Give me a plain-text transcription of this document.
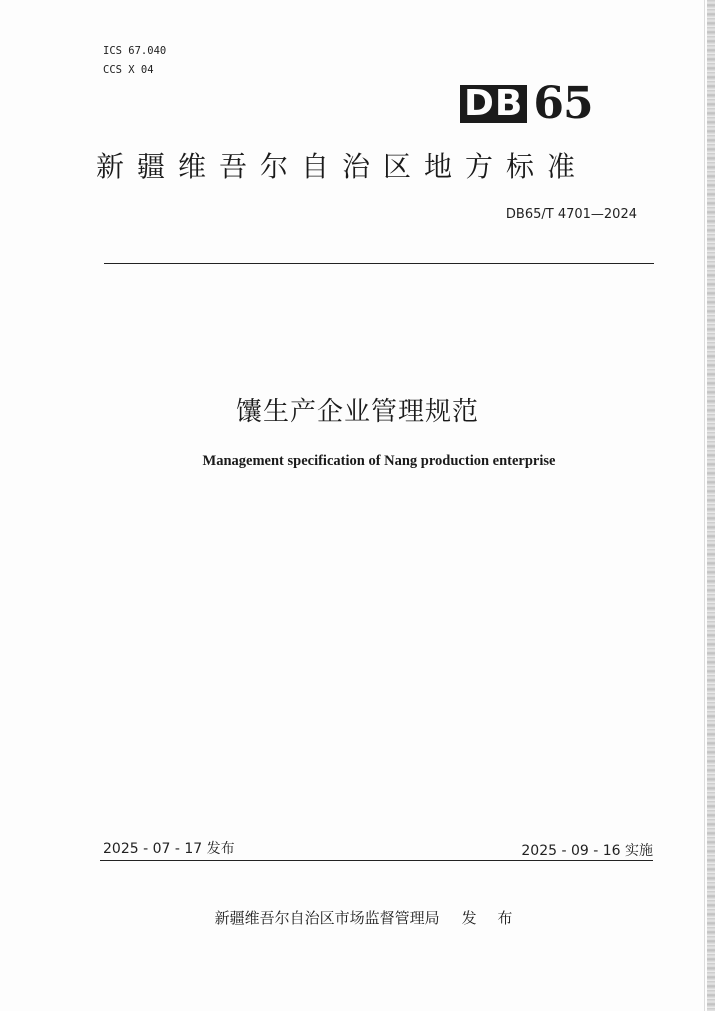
ICS 67.040
CCS X 04
DB 65
新疆维吾尔自治区地方标准
DB65/T 4701—2024
馕生产企业管理规范
Management specification of Nang production enterprise
2025 - 07 - 17 发布	2025 - 09 - 16 实施
新疆维吾尔自治区市场监督管理局 发 布
